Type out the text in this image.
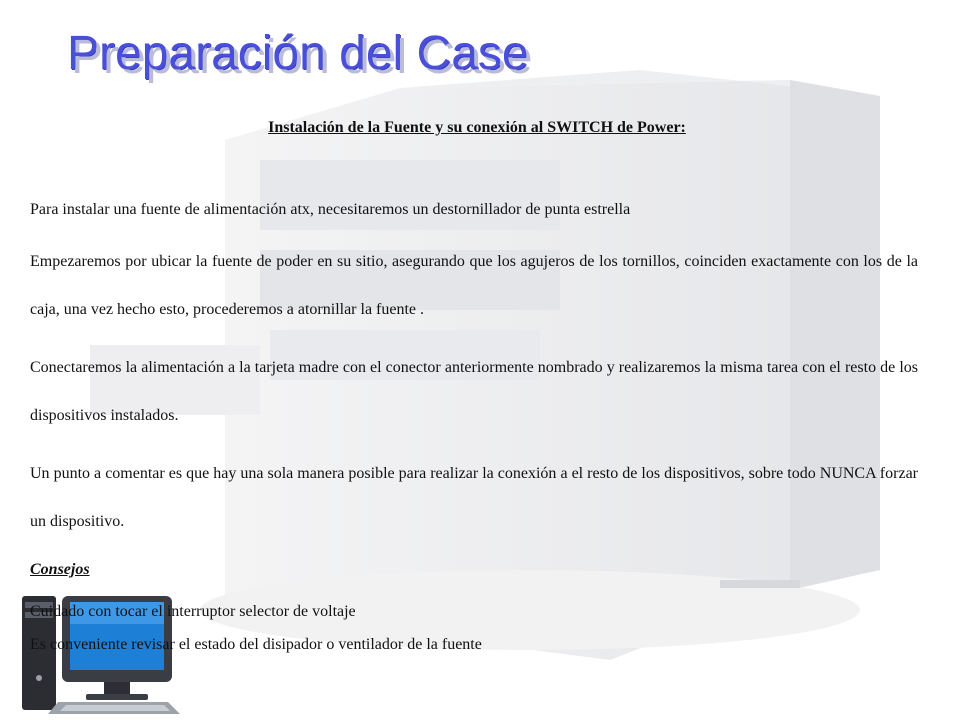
Preparación del Case

Instalación de la Fuente y su conexión al SWITCH de Power:

Para instalar una fuente de alimentación atx, necesitaremos un destornillador de punta estrella

Empezaremos por ubicar la fuente de poder en su sitio, asegurando que los agujeros de los tornillos, coinciden exactamente con los de la caja, una vez hecho esto, procederemos a atornillar la fuente .

Conectaremos la alimentación a la tarjeta madre con el conector anteriormente nombrado y realizaremos la misma tarea con el resto de los dispositivos instalados.

Un punto a comentar es que hay una sola manera posible para realizar la conexión a el resto de los dispositivos, sobre todo NUNCA forzar un dispositivo.

Consejos

Cuidado con tocar el interruptor selector de voltaje

Es conveniente revisar el estado del disipador o ventilador de la fuente
